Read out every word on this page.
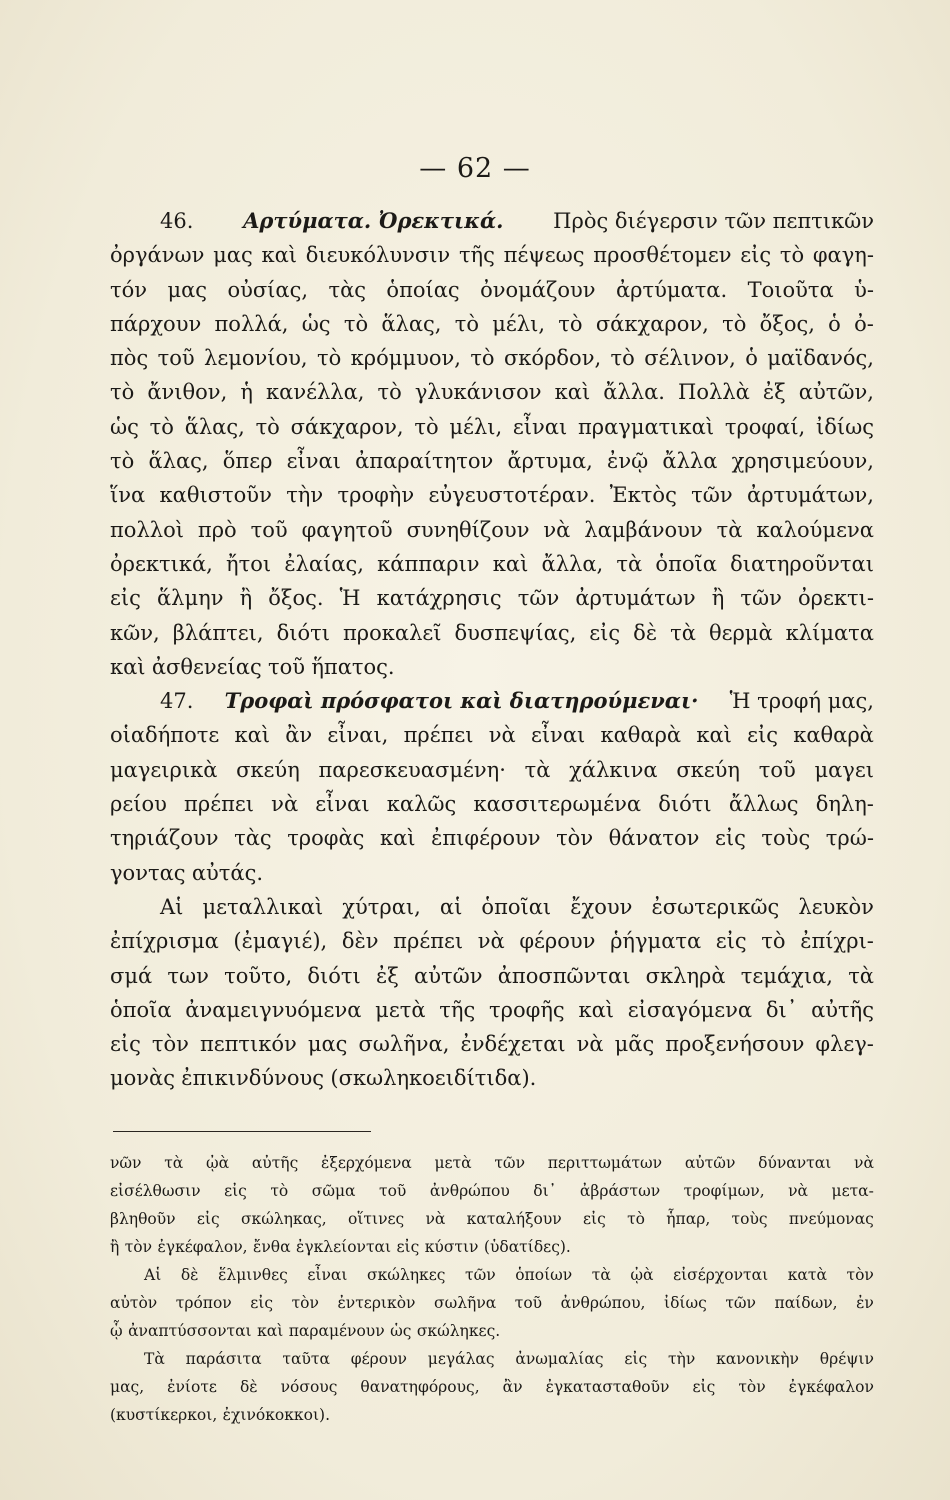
— 62 —
46. Αρτύματα. Ὀρεκτικά. Πρὸς διέγερσιν τῶν πεπτικῶν
ὀργάνων μας καὶ διευκόλυνσιν τῆς πέψεως προσθέτομεν εἰς τὸ φαγη-
τόν μας οὐσίας, τὰς ὁποίας ὀνομάζουν ἀρτύματα. Τοιοῦτα ὑ-
πάρχουν πολλά, ὡς τὸ ἅλας, τὸ μέλι, τὸ σάκχαρον, τὸ ὄξος, ὁ ὀ-
πὸς τοῦ λεμονίου, τὸ κρόμμυον, τὸ σκόρδον, τὸ σέλινον, ὁ μαϊδανός,
τὸ ἄνιθον, ἡ κανέλλα, τὸ γλυκάνισον καὶ ἄλλα. Πολλὰ ἐξ αὐτῶν,
ὡς τὸ ἅλας, τὸ σάκχαρον, τὸ μέλι, εἶναι πραγματικαὶ τροφαί, ἰδίως
τὸ ἅλας, ὅπερ εἶναι ἀπαραίτητον ἄρτυμα, ἐνῷ ἄλλα χρησιμεύουν,
ἵνα καθιστοῦν τὴν τροφὴν εὐγευστοτέραν. Ἐκτὸς τῶν ἀρτυμάτων,
πολλοὶ πρὸ τοῦ φαγητοῦ συνηθίζουν νὰ λαμβάνουν τὰ καλούμενα
ὀρεκτικά, ἤτοι ἐλαίας, κάππαριν καὶ ἄλλα, τὰ ὁποῖα διατηροῦνται
εἰς ἅλμην ἢ ὄξος. Ἡ κατάχρησις τῶν ἀρτυμάτων ἢ τῶν ὀρεκτι-
κῶν, βλάπτει, διότι προκαλεῖ δυσπεψίας, εἰς δὲ τὰ θερμὰ κλίματα
καὶ ἀσθενείας τοῦ ἥπατος.
47. Τροφαὶ πρόσφατοι καὶ διατηρούμεναι· Ἡ τροφή μας,
οἱαδήποτε καὶ ἂν εἶναι, πρέπει νὰ εἶναι καθαρὰ καὶ εἰς καθαρὰ
μαγειρικὰ σκεύη παρεσκευασμένη· τὰ χάλκινα σκεύη τοῦ μαγει
ρείου πρέπει νὰ εἶναι καλῶς κασσιτερωμένα διότι ἄλλως δηλη-
τηριάζουν τὰς τροφὰς καὶ ἐπιφέρουν τὸν θάνατον εἰς τοὺς τρώ-
γοντας αὐτάς.
Αἱ μεταλλικαὶ χύτραι, αἱ ὁποῖαι ἔχουν ἐσωτερικῶς λευκὸν
ἐπίχρισμα (ἐμαγιέ), δὲν πρέπει νὰ φέρουν ῥήγματα εἰς τὸ ἐπίχρι-
σμά των τοῦτο, διότι ἐξ αὐτῶν ἀποσπῶνται σκληρὰ τεμάχια, τὰ
ὁποῖα ἀναμειγνυόμενα μετὰ τῆς τροφῆς καὶ εἰσαγόμενα δι᾽ αὐτῆς
εἰς τὸν πεπτικόν μας σωλῆνα, ἐνδέχεται νὰ μᾶς προξενήσουν φλεγ-
μονὰς ἐπικινδύνους (σκωληκοειδίτιδα).
νῶν τὰ ᾠὰ αὐτῆς ἐξερχόμενα μετὰ τῶν περιττωμάτων αὐτῶν δύνανται νὰ
εἰσέλθωσιν εἰς τὸ σῶμα τοῦ ἀνθρώπου δι᾽ ἀβράστων τροφίμων, νὰ μετα-
βληθοῦν εἰς σκώληκας, οἵτινες νὰ καταλήξουν εἰς τὸ ἧπαρ, τοὺς πνεύμονας
ἢ τὸν ἐγκέφαλον, ἔνθα ἐγκλείονται εἰς κύστιν (ὑδατίδες).
Αἱ δὲ ἕλμινθες εἶναι σκώληκες τῶν ὁποίων τὰ ᾠὰ εἰσέρχονται κατὰ τὸν
αὐτὸν τρόπον εἰς τὸν ἐντερικὸν σωλῆνα τοῦ ἀνθρώπου, ἰδίως τῶν παίδων, ἐν
ᾧ ἀναπτύσσονται καὶ παραμένουν ὡς σκώληκες.
Τὰ παράσιτα ταῦτα φέρουν μεγάλας ἀνωμαλίας εἰς τὴν κανονικὴν θρέψιν
μας, ἐνίοτε δὲ νόσους θανατηφόρους, ἂν ἐγκατασταθοῦν εἰς τὸν ἐγκέφαλον
(κυστίκερκοι, ἐχινόκοκκοι).
